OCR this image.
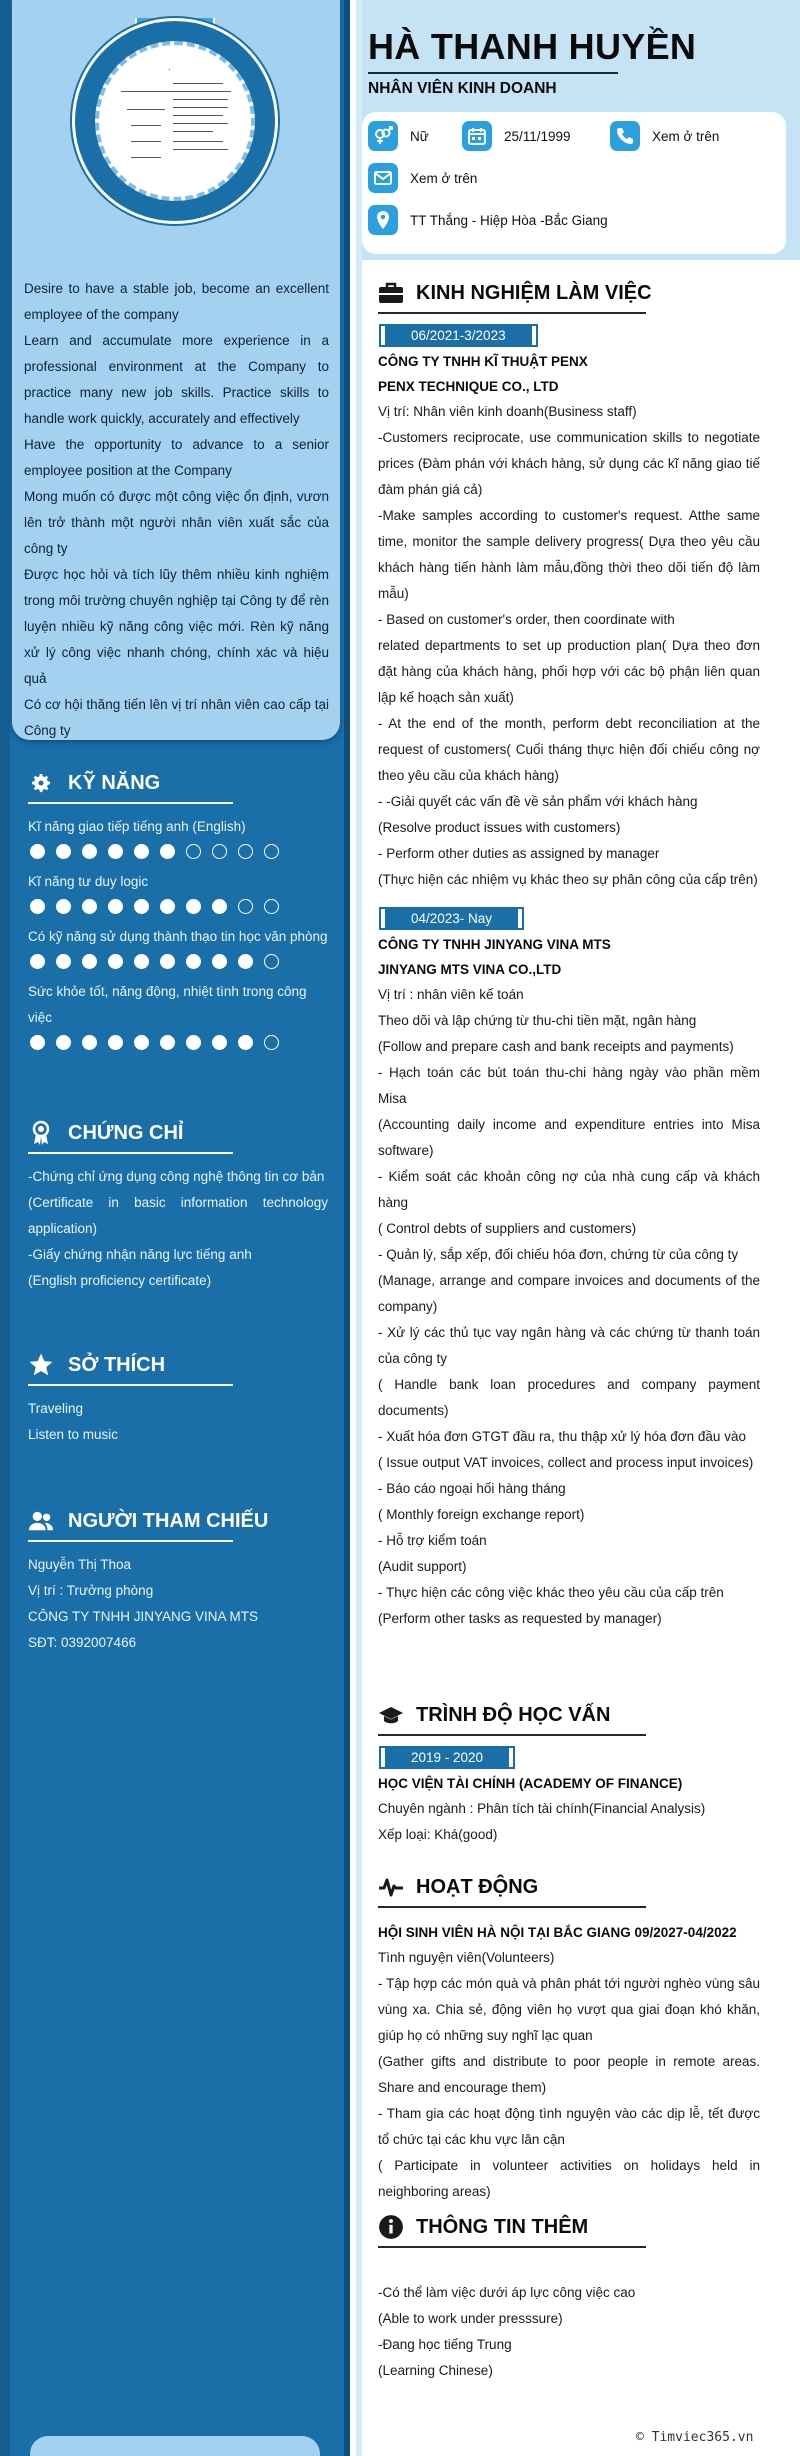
Desire to have a stable job, become an excellent employee of the company

Learn and accumulate more experience in a professional environment at the Company to practice many new job skills. Practice skills to handle work quickly, accurately and effectively

Have the opportunity to advance to a senior employee position at the Company

Mong muốn có được một công việc ổn định, vươn lên trở thành một người nhân viên xuất sắc của công ty

Được học hỏi và tích lũy thêm nhiều kinh nghiệm trong môi trường chuyên nghiệp tại Công ty để rèn luyện nhiều kỹ năng công việc mới. Rèn kỹ năng xử lý công việc nhanh chóng, chính xác và hiệu quả

Có cơ hội thăng tiến lên vị trí nhân viên cao cấp tại Công ty

KỸ NĂNG
Kĩ năng giao tiếp tiếng anh (English)
Kĩ năng tư duy logic
Có kỹ năng sử dụng thành thạo tin học văn phòng
Sức khỏe tốt, năng động, nhiệt tình trong công việc
CHỨNG CHỈ
-Chứng chỉ ứng dụng công nghệ thông tin cơ bản
(Certificate in basic information technology application)
-Giấy chứng nhận năng lực tiếng anh
(English proficiency certificate)
SỞ THÍCH
Traveling
Listen to music
NGƯỜI THAM CHIẾU
Nguyễn Thị Thoa
Vị trí : Trưởng phòng
CÔNG TY TNHH JINYANG VINA MTS
SĐT: 0392007466
HÀ THANH HUYỀN
NHÂN VIÊN KINH DOANH
Nữ	25/11/1999	Xem ở trên
Xem ở trên
TT Thắng - Hiệp Hòa -Bắc Giang
KINH NGHIỆM LÀM VIỆC
06/2021-3/2023
CÔNG TY TNHH KĨ THUẬT PENX
PENX TECHNIQUE CO., LTD
Vị trí: Nhân viên kinh doanh(Business staff)
-Customers reciprocate, use communication skills to negotiate prices (Đàm phán với khách hàng, sử dụng các kĩ năng giao tiế đàm phán giá cả)
-Make samples according to customer's request. Atthe same time, monitor the sample delivery progress( Dựa theo yêu cầu khách hàng tiến hành làm mẫu,đồng thời theo dõi tiến độ làm mẫu)
- Based on customer's order, then coordinate with
related departments to set up production plan( Dựa theo đơn đặt hàng của khách hàng, phối hợp với các bộ phận liên quan lập kế hoạch sản xuất)
- At the end of the month, perform debt reconciliation at the request of customers( Cuối tháng thực hiện đối chiếu công nợ theo yêu cầu của khách hàng)
- -Giải quyết các vấn đề về sản phẩm với khách hàng
(Resolve product issues with customers)
- Perform other duties as assigned by manager
(Thực hiện các nhiệm vụ khác theo sự phân công của cấp trên)
04/2023- Nay
CÔNG TY TNHH JINYANG VINA MTS
JINYANG MTS VINA CO.,LTD
Vị trí : nhân viên kế toán
Theo dõi và lập chứng từ thu-chi tiền mặt, ngân hàng
(Follow and prepare cash and bank receipts and payments)
- Hạch toán các bút toán thu-chi hàng ngày vào phần mềm Misa
(Accounting daily income and expenditure entries into Misa software)
- Kiểm soát các khoản công nợ của nhà cung cấp và khách hàng
( Control debts of suppliers and customers)
- Quản lý, sắp xếp, đối chiếu hóa đơn, chứng từ của công ty
(Manage, arrange and compare invoices and documents of the company)
- Xử lý các thủ tục vay ngân hàng và các chứng từ thanh toán của công ty
( Handle bank loan procedures and company payment documents)
- Xuất hóa đơn GTGT đầu ra, thu thập xử lý hóa đơn đầu vào
( Issue output VAT invoices, collect and process input invoices)
- Báo cáo ngoại hối hàng tháng
( Monthly foreign exchange report)
- Hỗ trợ kiểm toán
(Audit support)
- Thực hiện các công việc khác theo yêu cầu của cấp trên
(Perform other tasks as requested by manager)
TRÌNH ĐỘ HỌC VẤN
2019 - 2020
HỌC VIỆN TÀI CHÍNH (ACADEMY OF FINANCE)
Chuyên ngành : Phân tích tài chính(Financial Analysis)
Xếp loại: Khá(good)
HOẠT ĐỘNG
HỘI SINH VIÊN HÀ NỘI TẠI BẮC GIANG 09/2027-04/2022
Tình nguyện viên(Volunteers)
- Tập hợp các món quà và phân phát tới người nghèo vùng sâu vùng xa. Chia sẻ, động viên họ vượt qua giai đoạn khó khăn, giúp họ có những suy nghĩ lạc quan
(Gather gifts and distribute to poor people in remote areas. Share and encourage them)
- Tham gia các hoạt động tình nguyện vào các dịp lễ, tết được tổ chức tại các khu vực lân cận
( Participate in volunteer activities on holidays held in neighboring areas)
THÔNG TIN THÊM
-Có thể làm việc dưới áp lực công việc cao
(Able to work under presssure)
-Đang học tiếng Trung
(Learning Chinese)
© Timviec365.vn
